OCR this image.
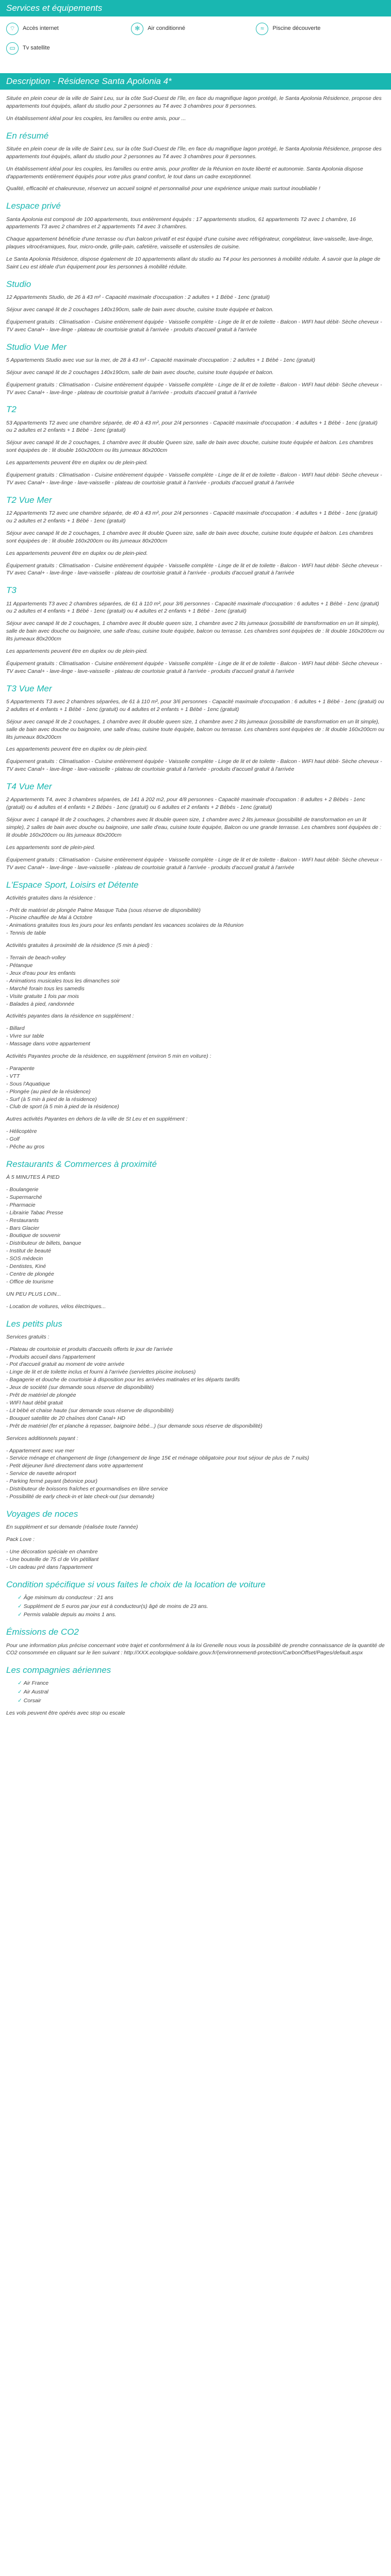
Services et équipements
⌔	Accès internet	✻	Air conditionné	≈	Piscine découverte
▭	Tv satellite
Description - Résidence Santa Apolonia 4*

Située en plein coeur de la ville de Saint Leu, sur la côte Sud-Ouest de l'île, en face du magnifique lagon protégé, le Santa Apolonia Résidence, propose des appartements tout équipés, allant du studio pour 2 personnes au T4 avec 3 chambres pour 8 personnes.

Un établissement idéal pour les couples, les familles ou entre amis, pour ...

En résumé

Située en plein coeur de la ville de Saint Leu, sur la côte Sud-Ouest de l'île, en face du magnifique lagon protégé, le Santa Apolonia Résidence, propose des appartements tout équipés, allant du studio pour 2 personnes au T4 avec 3 chambres pour 8 personnes.

Un établissement idéal pour les couples, les familles ou entre amis, pour profiter de la Réunion en toute liberté et autonomie. Santa Apolonia dispose d'appartements entièrement équipés pour votre plus grand confort, le tout dans un cadre exceptionnel.

Qualité, efficacité et chaleureuse, réservez un accueil soigné et personnalisé pour une expérience unique mais surtout inoubliable !

Lespace privé

Santa Apolonia est composé de 100 appartements, tous entièrement équipés : 17 appartements studios, 61 appartements T2 avec 1 chambre, 16 appartements T3 avec 2 chambres et 2 appartements T4 avec 3 chambres.

Chaque appartement bénéficie d'une terrasse ou d'un balcon privatif et est équipé d'une cuisine avec réfrigérateur, congélateur, lave-vaisselle, lave-linge, plaques vitrocéramiques, four, micro-onde, grille-pain, cafetière, vaisselle et ustensiles de cuisine.

Le Santa Apolonia Résidence, dispose également de 10 appartements allant du studio au T4 pour les personnes à mobilité réduite. À savoir que la plage de Saint Leu est idéale d'un équipement pour les personnes à mobilité réduite.

Studio

12 Appartements Studio, de 26 à 43 m² - Capacité maximale d'occupation : 2 adultes + 1 Bébé - 1enc (gratuit)

Séjour avec canapé lit de 2 couchages 140x190cm, salle de bain avec douche, cuisine toute équipée et balcon.

Équipement gratuits : Climatisation - Cuisine entièrement équipée - Vaisselle complète - Linge de lit et de toilette - Balcon - WIFI haut débit- Sèche cheveux - TV avec Canal+ - lave-linge - plateau de courtoisie gratuit à l'arrivée - produits d'accueil gratuit à l'arrivée

Studio Vue Mer

5 Appartements Studio avec vue sur la mer, de 28 à 43 m² - Capacité maximale d'occupation : 2 adultes + 1 Bébé - 1enc (gratuit)

Séjour avec canapé lit de 2 couchages 140x190cm, salle de bain avec douche, cuisine toute équipée et balcon.

Équipement gratuits : Climatisation - Cuisine entièrement équipée - Vaisselle complète - Linge de lit et de toilette - Balcon - WIFI haut débit- Sèche cheveux - TV avec Canal+ - lave-linge - plateau de courtoisie gratuit à l'arrivée - produits d'accueil gratuit à l'arrivée

T2

53 Appartements T2 avec une chambre séparée, de 40 à 43 m², pour 2/4 personnes - Capacité maximale d'occupation : 4 adultes + 1 Bébé - 1enc (gratuit) ou 2 adultes et 2 enfants + 1 Bébé - 1enc (gratuit)

Séjour avec canapé lit de 2 couchages, 1 chambre avec lit double Queen size, salle de bain avec douche, cuisine toute équipée et balcon. Les chambres sont équipées de : lit double 160x200cm ou lits jumeaux 80x200cm

Les appartements peuvent être en duplex ou de plein-pied.

Équipement gratuits : Climatisation - Cuisine entièrement équipée - Vaisselle complète - Linge de lit et de toilette - Balcon - WIFI haut débit- Sèche cheveux - TV avec Canal+ - lave-linge - lave-vaisselle - plateau de courtoisie gratuit à l'arrivée - produits d'accueil gratuit à l'arrivée

T2 Vue Mer

12 Appartements T2 avec une chambre séparée, de 40 à 43 m², pour 2/4 personnes - Capacité maximale d'occupation : 4 adultes + 1 Bébé - 1enc (gratuit) ou 2 adultes et 2 enfants + 1 Bébé - 1enc (gratuit)

Séjour avec canapé lit de 2 couchages, 1 chambre avec lit double Queen size, salle de bain avec douche, cuisine toute équipée et balcon. Les chambres sont équipées de : lit double 160x200cm ou lits jumeaux 80x200cm

Les appartements peuvent être en duplex ou de plein-pied.

Équipement gratuits : Climatisation - Cuisine entièrement équipée - Vaisselle complète - Linge de lit et de toilette - Balcon - WIFI haut débit- Sèche cheveux - TV avec Canal+ - lave-linge - lave-vaisselle - plateau de courtoisie gratuit à l'arrivée - produits d'accueil gratuit à l'arrivée

T3

11 Appartements T3 avec 2 chambres séparées, de 61 à 110 m², pour 3/6 personnes - Capacité maximale d'occupation : 6 adultes + 1 Bébé - 1enc (gratuit) ou 2 adultes et 4 enfants + 1 Bébé - 1enc (gratuit) ou 4 adultes et 2 enfants + 1 Bébé - 1enc (gratuit)

Séjour avec canapé lit de 2 couchages, 1 chambre avec lit double queen size, 1 chambre avec 2 lits jumeaux (possibilité de transformation en un lit simple), salle de bain avec douche ou baignoire, une salle d'eau, cuisine toute équipée, balcon ou terrasse. Les chambres sont équipées de : lit double 160x200cm ou lits jumeaux 80x200cm

Les appartements peuvent être en duplex ou de plein-pied.

Équipement gratuits : Climatisation - Cuisine entièrement équipée - Vaisselle complète - Linge de lit et de toilette - Balcon - WIFI haut débit- Sèche cheveux - TV avec Canal+ - lave-linge - lave-vaisselle - plateau de courtoisie gratuit à l'arrivée - produits d'accueil gratuit à l'arrivée

T3 Vue Mer

5 Appartements T3 avec 2 chambres séparées, de 61 à 110 m², pour 3/6 personnes - Capacité maximale d'occupation : 6 adultes + 1 Bébé - 1enc (gratuit) ou 2 adultes et 4 enfants + 1 Bébé - 1enc (gratuit) ou 4 adultes et 2 enfants + 1 Bébé - 1enc (gratuit)

Séjour avec canapé lit de 2 couchages, 1 chambre avec lit double queen size, 1 chambre avec 2 lits jumeaux (possibilité de transformation en un lit simple), salle de bain avec douche ou baignoire, une salle d'eau, cuisine toute équipée, balcon ou terrasse. Les chambres sont équipées de : lit double 160x200cm ou lits jumeaux 80x200cm

Les appartements peuvent être en duplex ou de plein-pied.

Équipement gratuits : Climatisation - Cuisine entièrement équipée - Vaisselle complète - Linge de lit et de toilette - Balcon - WIFI haut débit- Sèche cheveux - TV avec Canal+ - lave-linge - lave-vaisselle - plateau de courtoisie gratuit à l'arrivée - produits d'accueil gratuit à l'arrivée

T4 Vue Mer

2 Appartements T4, avec 3 chambres séparées, de 141 à 202 m2, pour 4/8 personnes - Capacité maximale d'occupation : 8 adultes + 2 Bébés - 1enc (gratuit) ou 4 adultes et 4 enfants + 2 Bébés - 1enc (gratuit) ou 6 adultes et 2 enfants + 2 Bébés - 1enc (gratuit)

Séjour avec 1 canapé lit de 2 couchages, 2 chambres avec lit double queen size, 1 chambre avec 2 lits jumeaux (possibilité de transformation en un lit simple), 2 salles de bain avec douche ou baignoire, une salle d'eau, cuisine toute équipée, Balcon ou une grande terrasse. Les chambres sont équipées de : lit double 160x200cm ou lits jumeaux 80x200cm

Les appartements sont de plein-pied.

Équipement gratuits : Climatisation - Cuisine entièrement équipée - Vaisselle complète - Linge de lit et de toilette - Balcon - WIFI haut débit- Sèche cheveux - TV avec Canal+ - lave-linge - lave-vaisselle - plateau de courtoisie gratuit à l'arrivée - produits d'accueil gratuit à l'arrivée

L'Espace Sport, Loisirs et Détente

Activités gratuites dans la résidence :

- Prêt de matériel de plongée Palme Masque Tuba (sous réserve de disponibilité)
- Piscine chauffée de Mai à Octobre
- Animations gratuites tous les jours pour les enfants pendant les vacances scolaires de la Réunion
- Tennis de table

Activités gratuites à proximité de la résidence (5 min à pied) :

- Terrain de beach-volley
- Pétanque
- Jeux d'eau pour les enfants
- Animations musicales tous les dimanches soir
- Marché forain tous les samedis
- Visite gratuite 1 fois par mois
- Balades à pied, randonnée

Activités payantes dans la résidence en supplément :

- Billard
- Vivre sur table
- Massage dans votre appartement

Activités Payantes proche de la résidence, en supplément (environ 5 min en voiture) :

- Parapente
- VTT
- Sous l'Aquatique
- Plongée (au pied de la résidence)
- Surf (à 5 min à pied de la résidence)
- Club de sport (à 5 min à pied de la résidence)

Autres activités Payantes en dehors de la ville de St Leu et en supplément :

- Hélicoptère
- Golf
- Pêche au gros
Restaurants & Commerces à proximité

À 5 MINUTES À PIED

- Boulangerie
- Supermarché
- Pharmacie
- Librairie Tabac Presse
- Restaurants
- Bars Glacier
- Boutique de souvenir
- Distributeur de billets, banque
- Institut de beauté
- SOS médecin
- Dentistes, Kiné
- Centre de plongée
- Office de tourisme

UN PEU PLUS LOIN...

- Location de voitures, vélos électriques...
Les petits plus

Services gratuits :

- Plateau de courtoisie et produits d'accueils offerts le jour de l'arrivée
- Produits accueil dans l'appartement
- Pot d'accueil gratuit au moment de votre arrivée
- Linge de lit et de toilette inclus et fourni à l'arrivée (serviettes piscine incluses)
- Bagagerie et douche de courtoisie à disposition pour les arrivées matinales et les départs tardifs
- Jeux de société (sur demande sous réserve de disponibilité)
- Prêt de matériel de plongée
- WIFI haut débit gratuit
- Lit bébé et chaise haute (sur demande sous réserve de disponibilité)
- Bouquet satellite de 20 chaînes dont Canal+ HD
- Prêt de matériel (fer et planche à repasser, baignoire bébé...) (sur demande sous réserve de disponibilité)

Services additionnels payant :

- Appartement avec vue mer
- Service ménage et changement de linge (changement de linge 15€ et ménage obligatoire pour tout séjour de plus de 7 nuits)
- Petit déjeuner livré directement dans votre appartement
- Service de navette aéroport
- Parking fermé payant (béonice pour)
- Distributeur de boissons fraîches et gourmandises en libre service
- Possibilité de early check-in et late check-out (sur demande)
Voyages de noces

En supplément et sur demande (réalisée toute l'année)

Pack Love :

- Une décoration spéciale en chambre
- Une bouteille de 75 cl de Vin pétillant
- Un cadeau pré dans l'appartement
Condition spécifique si vous faites le choix de la location de voiture
✓ Âge minimum du conducteur : 21 ans
✓ Supplément de 5 euros par jour est à conducteur(s) âgé de moins de 23 ans.
✓ Permis valable depuis au moins 1 ans.
Émissions de CO2

Pour une information plus précise concernant votre trajet et conformément à la loi Grenelle nous vous la possibilité de prendre connaissance de la quantité de CO2 consommée en cliquant sur le lien suivant : http://XXX.ecologique-solidaire.gouv.fr/(environnementl-protection/CarbonOffset/Pages/default.aspx

Les compagnies aériennes
✓ Air France
✓ Air Austral
✓ Corsair

Les vols peuvent être opérés avec stop ou escale
